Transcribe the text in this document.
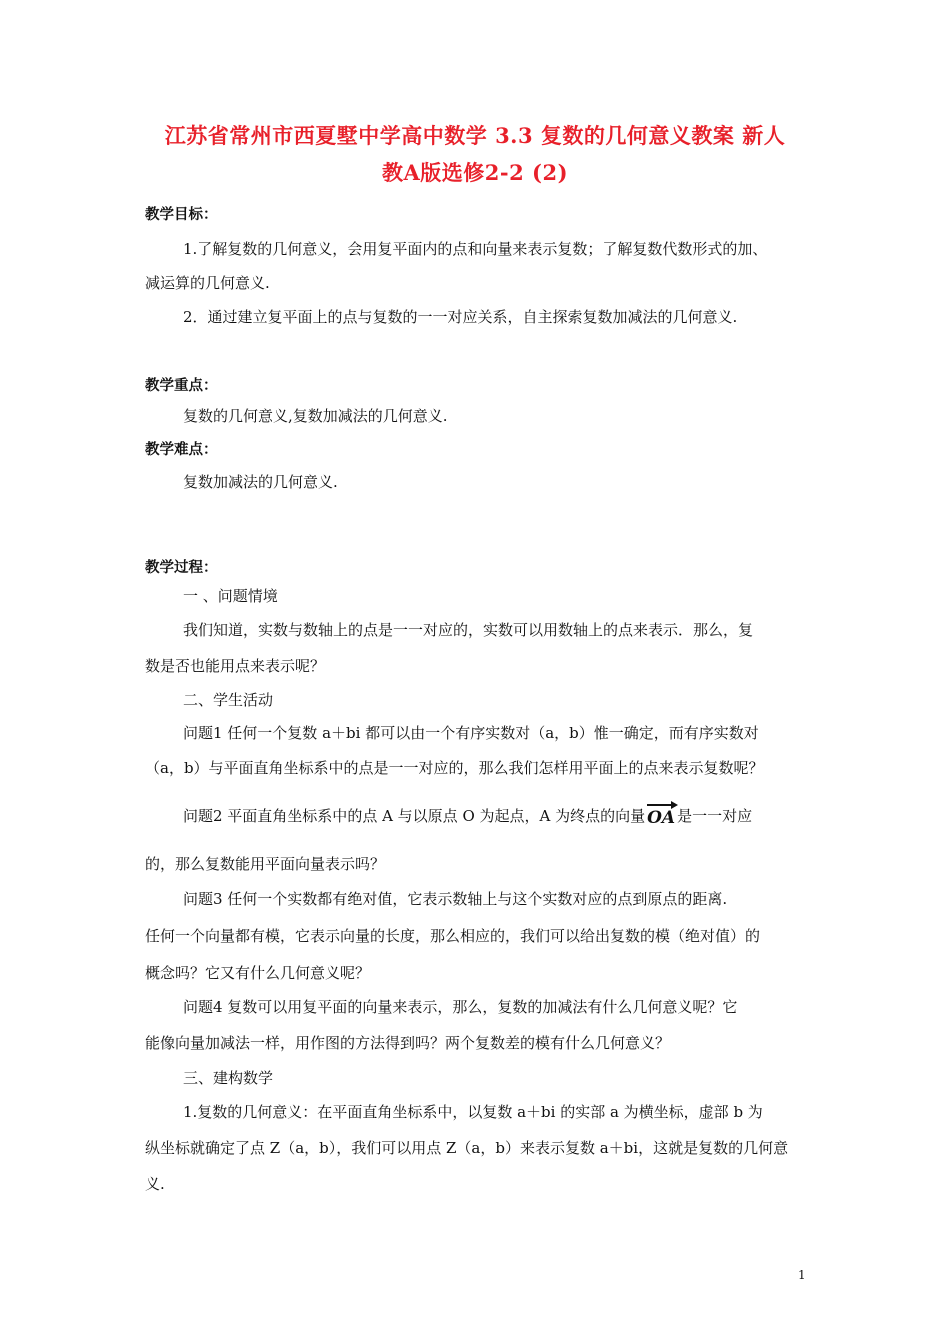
江苏省常州市西夏墅中学高中数学 3.3 复数的几何意义教案 新人
教A版选修2-2 (2)
教学目标：
1.了解复数的几何意义，会用复平面内的点和向量来表示复数；了解复数代数形式的加、
减运算的几何意义.
2．通过建立复平面上的点与复数的一一对应关系，自主探索复数加减法的几何意义.
教学重点：
复数的几何意义,复数加减法的几何意义.
教学难点：
复数加减法的几何意义.
教学过程：
一 、问题情境
我们知道，实数与数轴上的点是一一对应的，实数可以用数轴上的点来表示．那么，复
数是否也能用点来表示呢？
二、学生活动
问题1 任何一个复数 a＋bi 都可以由一个有序实数对（a，b）惟一确定，而有序实数对
（a，b）与平面直角坐标系中的点是一一对应的，那么我们怎样用平面上的点来表示复数呢？
问题2 平面直角坐标系中的点 A 与以原点 O 为起点，A 为终点的向量 OA 是一一对应
的，那么复数能用平面向量表示吗？
问题3 任何一个实数都有绝对值，它表示数轴上与这个实数对应的点到原点的距离.
任何一个向量都有模，它表示向量的长度，那么相应的，我们可以给出复数的模（绝对值）的
概念吗？它又有什么几何意义呢？
问题4 复数可以用复平面的向量来表示，那么，复数的加减法有什么几何意义呢？它
能像向量加减法一样，用作图的方法得到吗？两个复数差的模有什么几何意义？
三、建构数学
1.复数的几何意义：在平面直角坐标系中，以复数 a＋bi 的实部 a 为横坐标，虚部 b 为
纵坐标就确定了点 Z（a，b），我们可以用点 Z（a，b）来表示复数 a＋bi，这就是复数的几何意
义.
1
